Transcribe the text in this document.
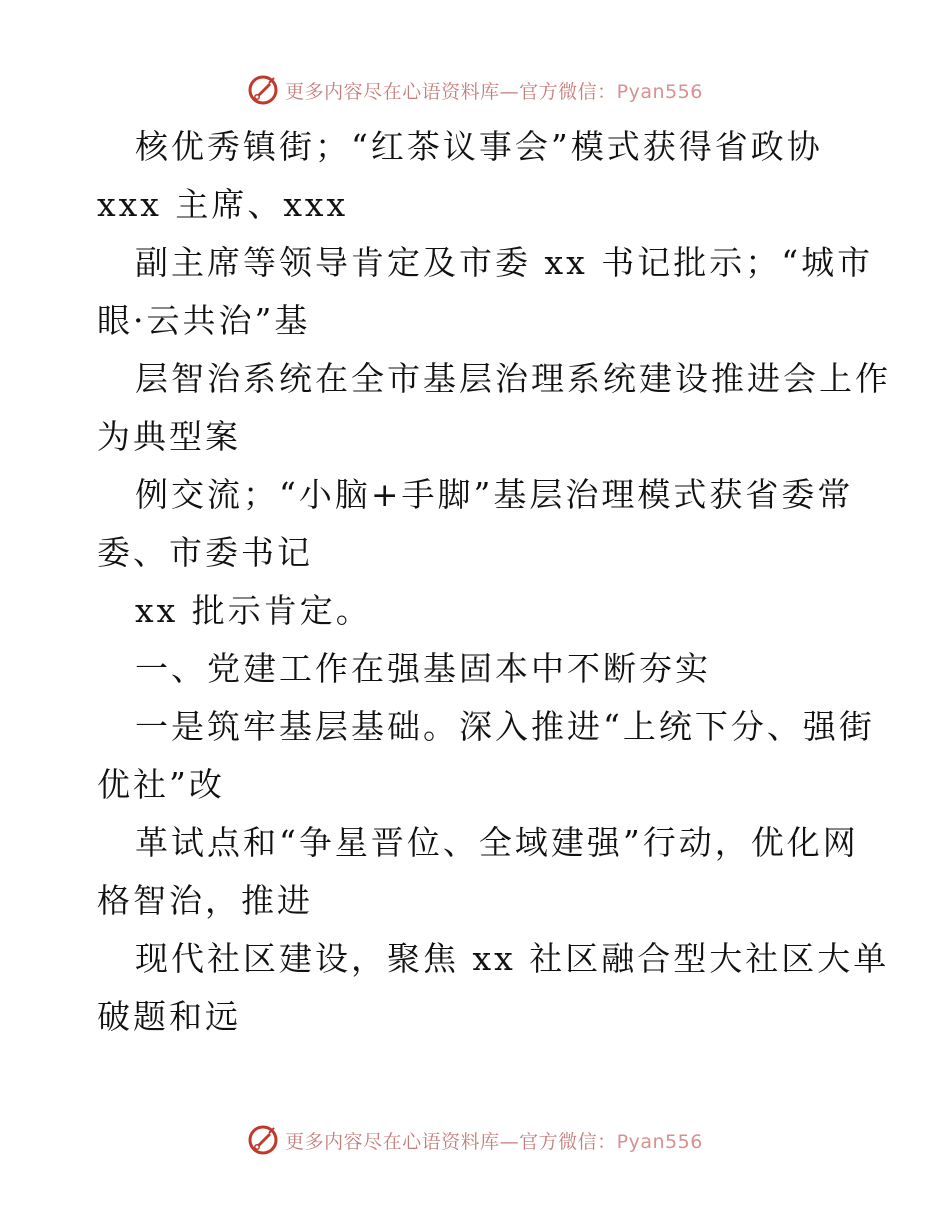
更多内容尽在心语资料库—官方微信：Pyan556
核优秀镇街；“红茶议事会”模式获得省政协
xxx 主席、xxx
副主席等领导肯定及市委 xx 书记批示；“城市
眼·云共治”基
层智治系统在全市基层治理系统建设推进会上作
为典型案
例交流；“小脑+手脚”基层治理模式获省委常
委、市委书记
xx 批示肯定。
一、党建工作在强基固本中不断夯实
一是筑牢基层基础。深入推进“上统下分、强街
优社”改
革试点和“争星晋位、全域建强”行动，优化网
格智治，推进
现代社区建设，聚焦 xx 社区融合型大社区大单
破题和远
更多内容尽在心语资料库—官方微信：Pyan556
